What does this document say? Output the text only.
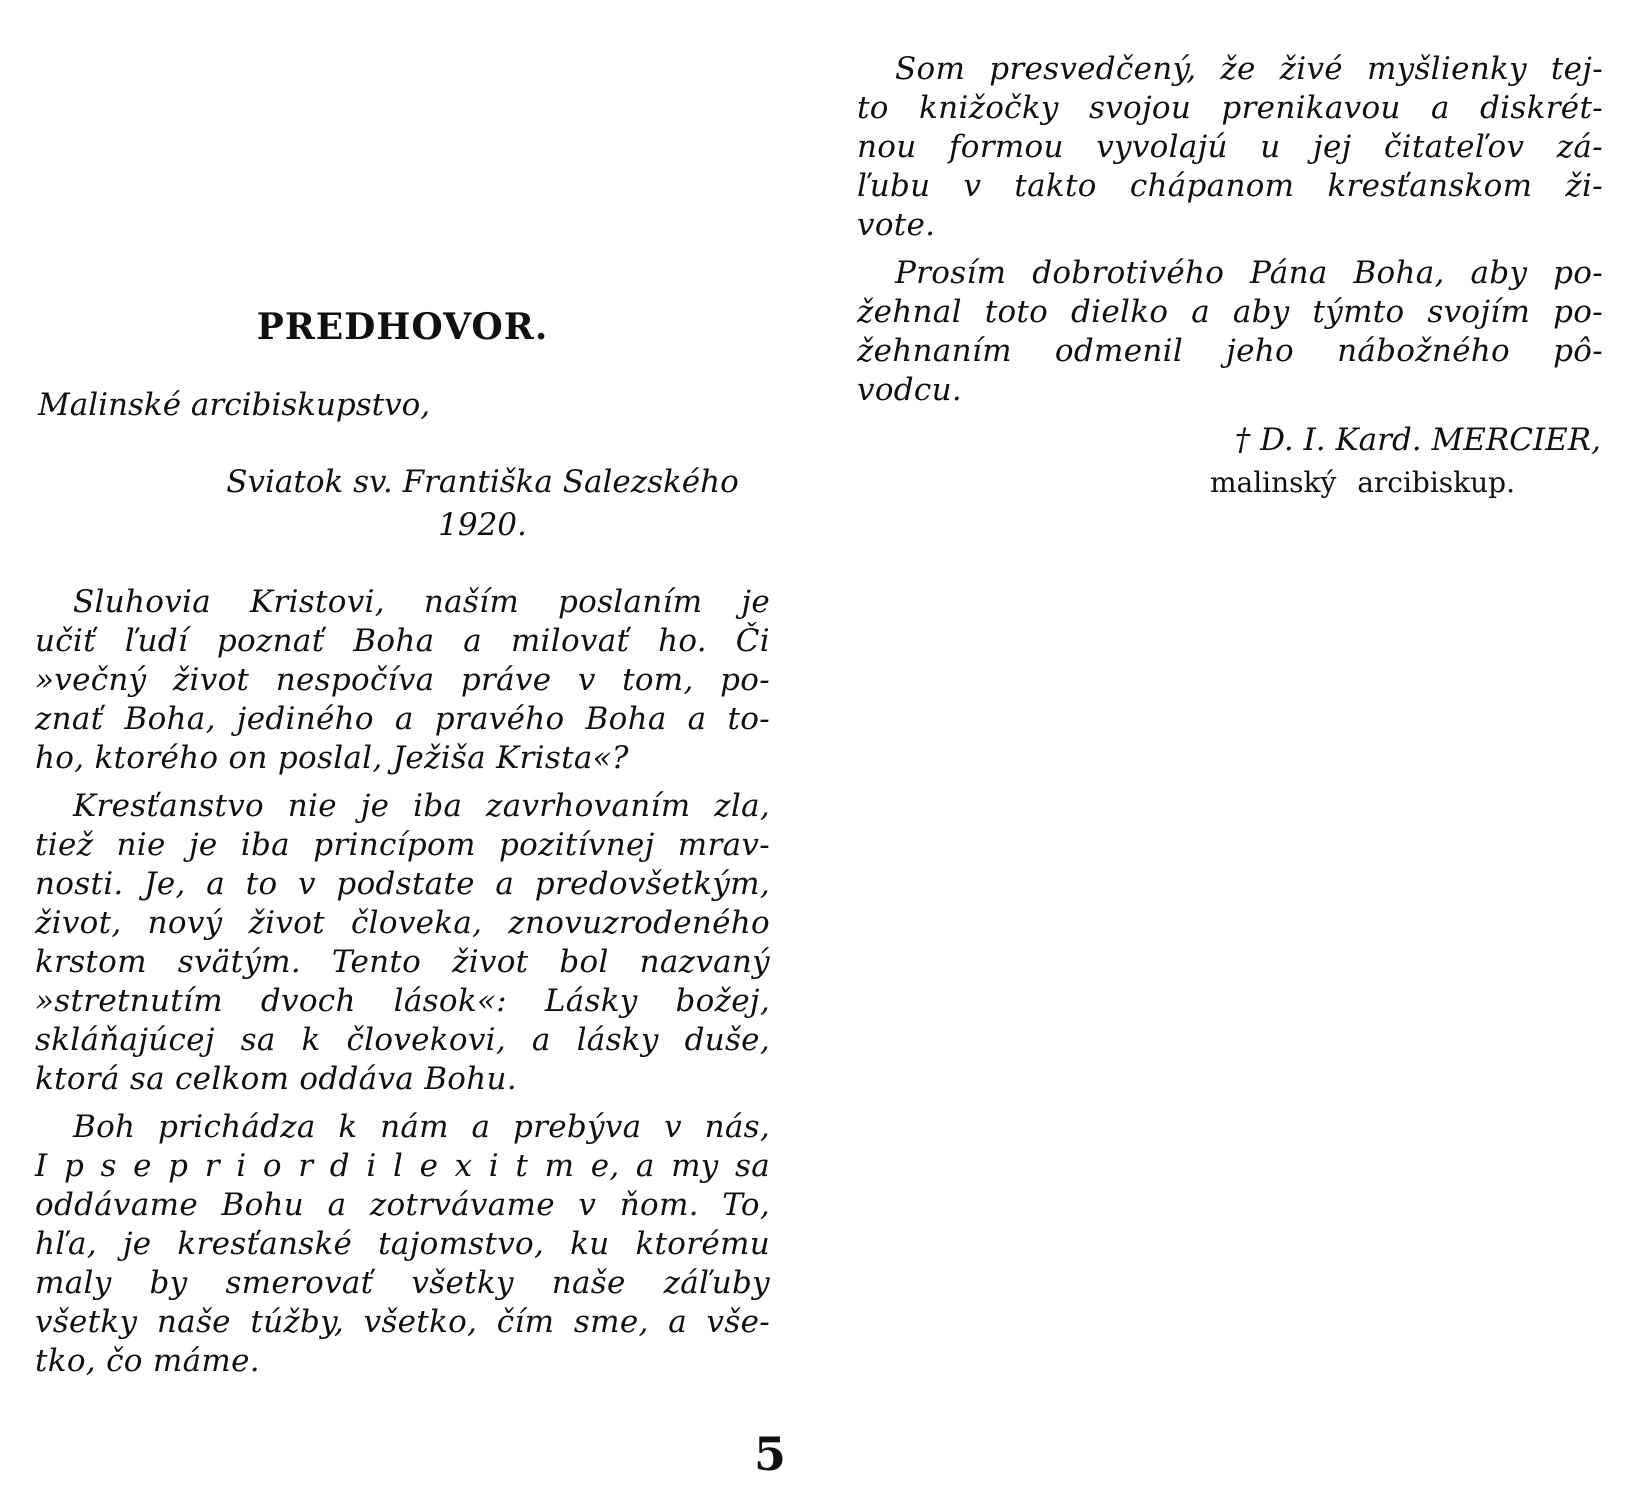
PREDHOVOR.
Malinské arcibiskupstvo,
Sviatok sv. Františka Salezského
1920.
Sluhovia Kristovi, naším poslaním je
učiť ľudí poznať Boha a milovať ho. Či
»večný život nespočíva práve v tom, po-
znať Boha, jediného a pravého Boha a to-
ho, ktorého on poslal, Ježiša Krista«?
Kresťanstvo nie je iba zavrhovaním zla,
tiež nie je iba princípom pozitívnej mrav-
nosti. Je, a to v podstate a predovšetkým,
život, nový život človeka, znovuzrodeného
krstom svätým. Tento život bol nazvaný
»stretnutím dvoch lások«: Lásky božej,
skláňajúcej sa k človekovi, a lásky duše,
ktorá sa celkom oddáva Bohu.
Boh prichádza k nám a prebýva v nás,
I p s e p r i o r d i l e x i t m e, a my sa
oddávame Bohu a zotrvávame v ňom. To,
hľa, je kresťanské tajomstvo, ku ktorému
maly by smerovať všetky naše záľuby
všetky naše túžby, všetko, čím sme, a vše-
tko, čo máme.
Som presvedčený, že živé myšlienky tej-
to knižočky svojou prenikavou a diskrét-
nou formou vyvolajú u jej čitateľov zá-
ľubu v takto chápanom kresťanskom ži-
vote.
Prosím dobrotivého Pána Boha, aby po-
žehnal toto dielko a aby týmto svojím po-
žehnaním odmenil jeho nábožného pô-
vodcu.
† D. I. Kard. MERCIER,
malinský arcibiskup.
5
